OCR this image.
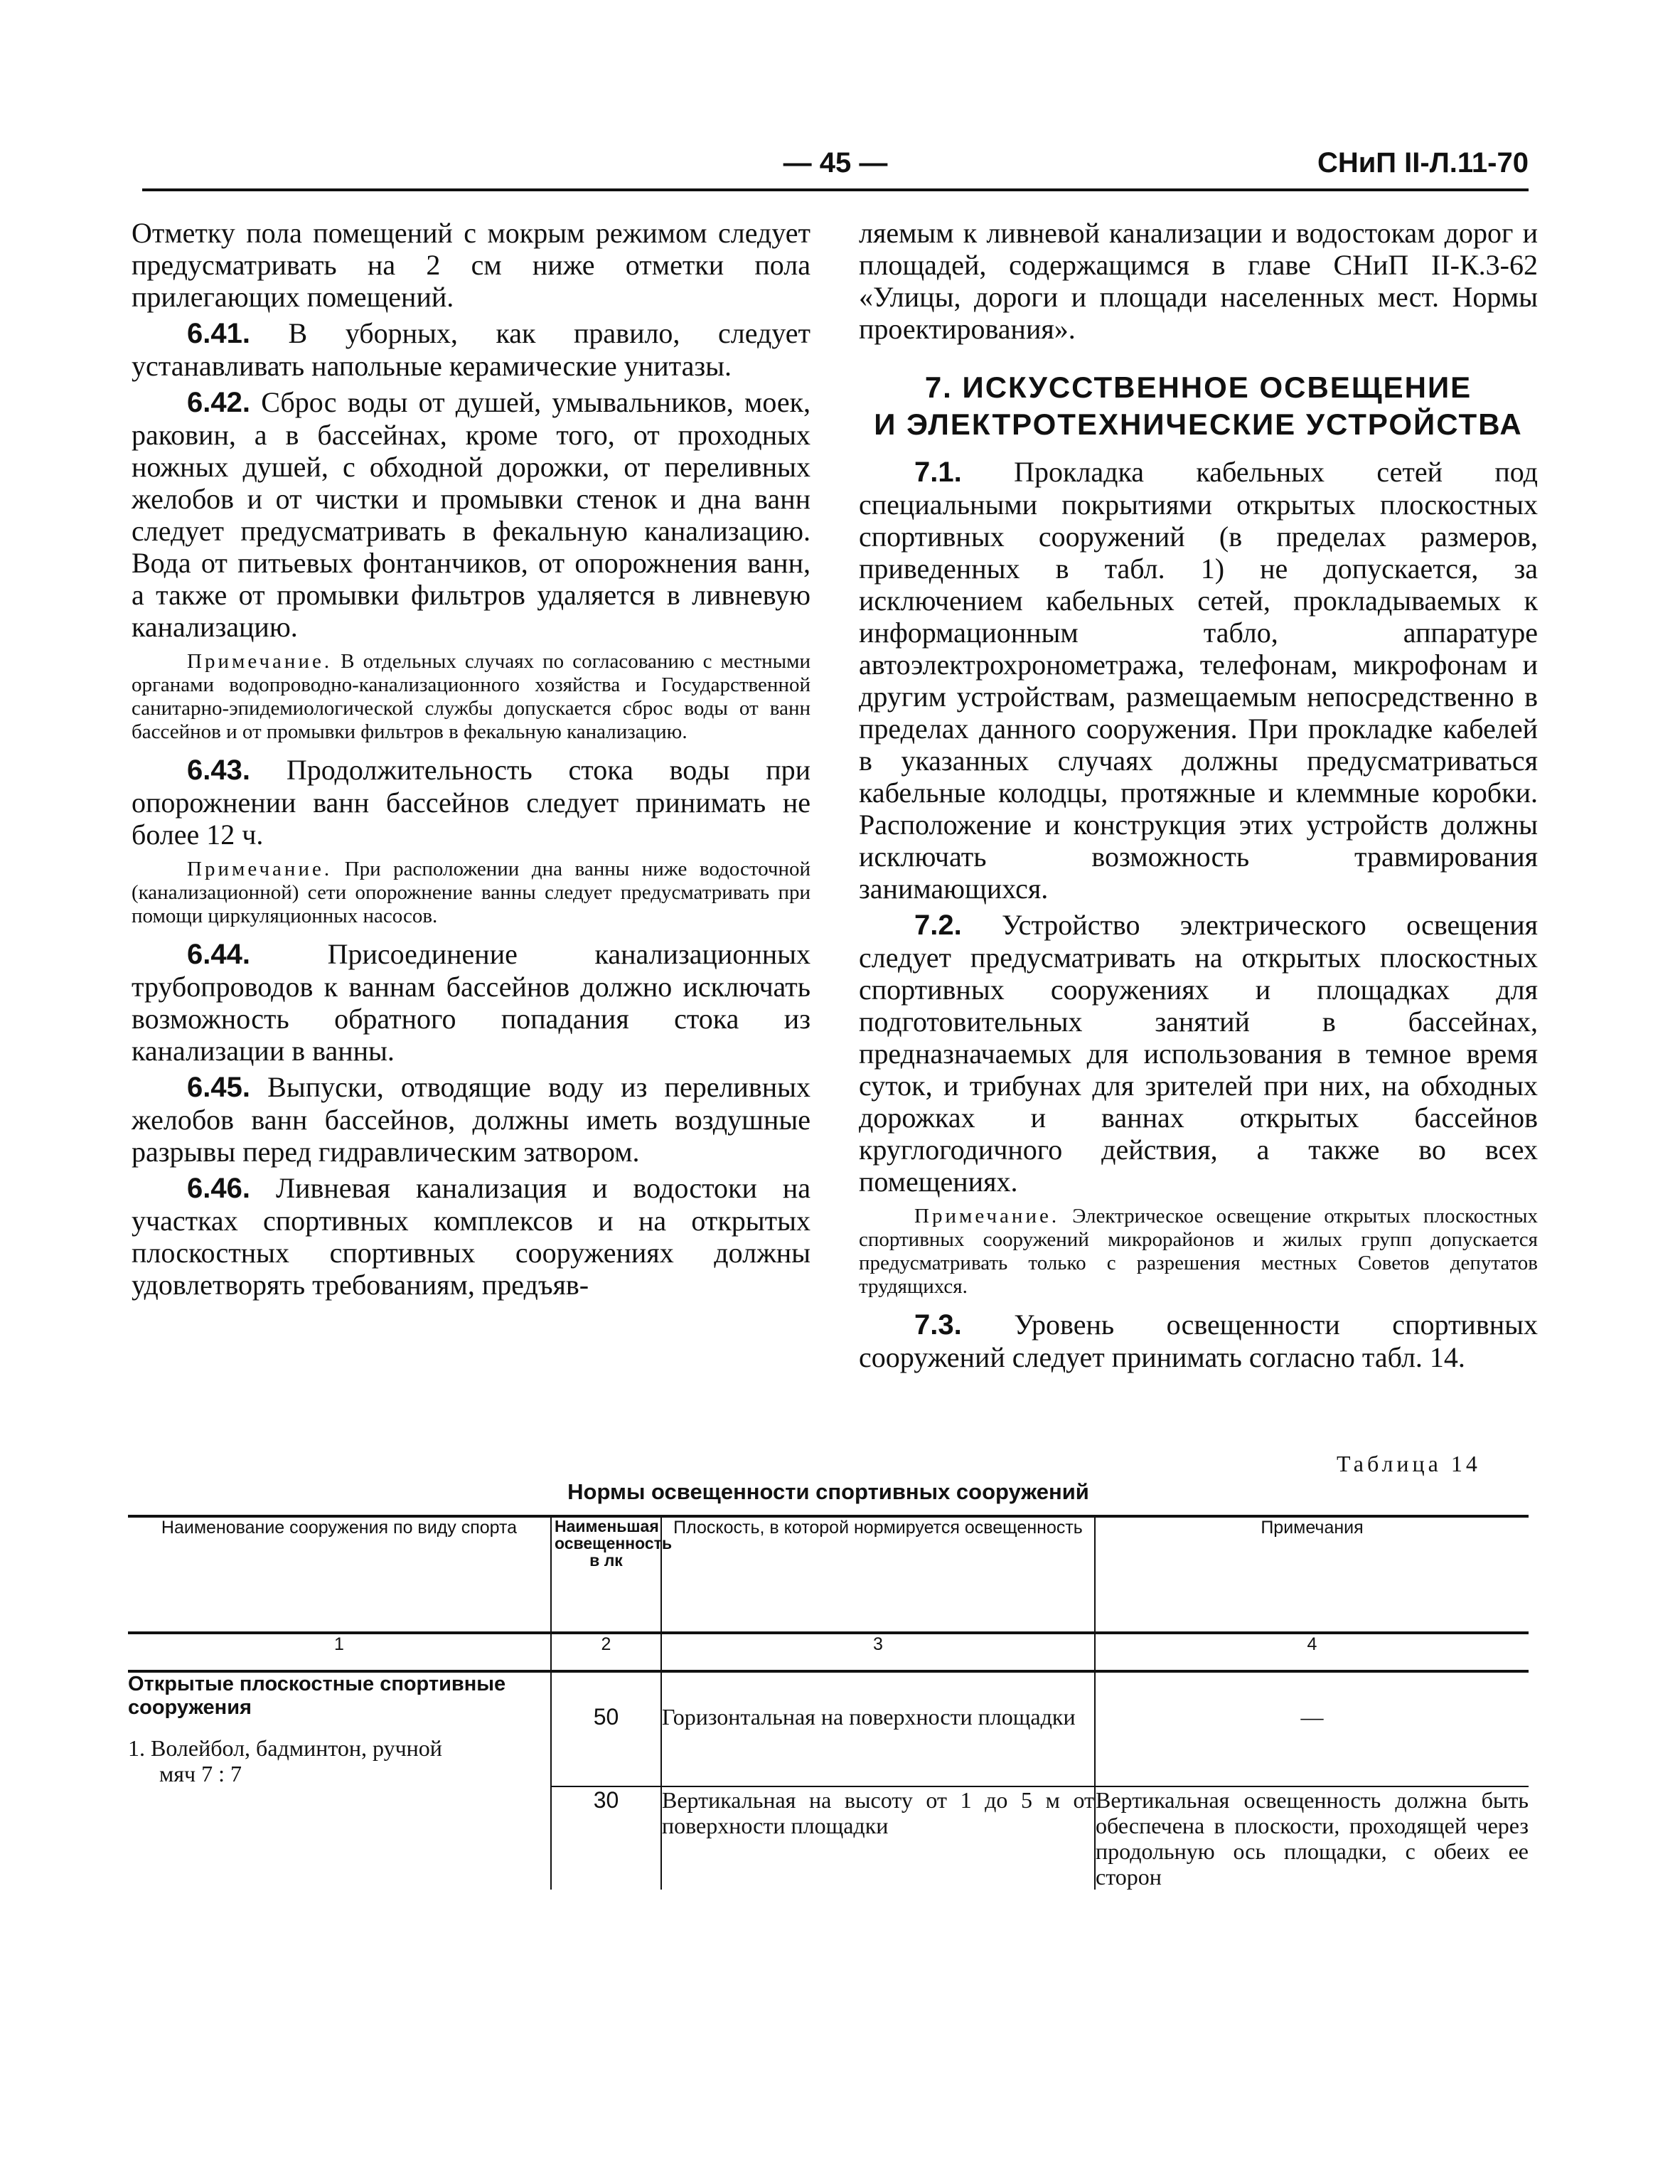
— 45 —	СНиП II-Л.11-70

Отметку пола помещений с мокрым режимом следует предусматривать на 2 см ниже отметки пола прилегающих помещений.

6.41. В уборных, как правило, следует устанавливать напольные керамические унитазы.

6.42. Сброс воды от душей, умывальников, моек, раковин, а в бассейнах, кроме того, от проходных ножных душей, с обходной дорожки, от переливных желобов и от чистки и промывки стенок и дна ванн следует предусматривать в фекальную канализацию. Вода от питьевых фонтанчиков, от опорожнения ванн, а также от промывки фильтров удаляется в ливневую канализацию.

Примечание. В отдельных случаях по согласованию с местными органами водопроводно-канализационного хозяйства и Государственной санитарно-эпидемиологической службы допускается сброс воды от ванн бассейнов и от промывки фильтров в фекальную канализацию.

6.43. Продолжительность стока воды при опорожнении ванн бассейнов следует принимать не более 12 ч.

Примечание. При расположении дна ванны ниже водосточной (канализационной) сети опорожнение ванны следует предусматривать при помощи циркуляционных насосов.

6.44.	Присоединение канализационных трубопроводов к ваннам бассейнов должно исключать возможность обратного попадания стока из канализации в ванны.

6.45. Выпуски, отводящие воду из переливных желобов ванн бассейнов, должны иметь воздушные разрывы перед гидравлическим затвором.

6.46. Ливневая канализация и водостоки на участках спортивных комплексов и на открытых плоскостных спортивных сооружениях должны удовлетворять требованиям, предъяв-

ляемым к ливневой канализации и водостокам дорог и площадей, содержащимся в главе СНиП II-К.3-62 «Улицы, дороги и площади населенных мест. Нормы проектирования».

7. ИСКУССТВЕННОЕ ОСВЕЩЕНИЕ
И ЭЛЕКТРОТЕХНИЧЕСКИЕ УСТРОЙСТВА

7.1. Прокладка кабельных сетей под специальными покрытиями открытых плоскостных спортивных сооружений (в пределах размеров, приведенных в табл. 1) не допускается, за исключением кабельных сетей, прокладываемых к информационным табло, аппаратуре автоэлектрохронометража, телефонам, микрофонам и другим устройствам, размещаемым непосредственно в пределах данного сооружения. При прокладке кабелей в указанных случаях должны предусматриваться кабельные колодцы, протяжные и клеммные коробки. Расположение и конструкция этих устройств должны исключать возможность травмирования занимающихся.

7.2. Устройство электрического освещения следует предусматривать на открытых плоскостных спортивных сооружениях и площадках для подготовительных занятий в бассейнах, предназначаемых для использования в темное время суток, и трибунах для зрителей при них, на обходных дорожках и ваннах открытых бассейнов круглогодичного действия, а также во всех помещениях.

Примечание. Электрическое освещение открытых плоскостных спортивных сооружений микрорайонов и жилых групп допускается предусматривать только с разрешения местных Советов депутатов трудящихся.

7.3. Уровень освещенности спортивных сооружений следует принимать согласно табл. 14.

Таблица 14
Нормы освещенности спортивных сооружений
Наименование сооружения по виду спорта	Наименьшая освещенность в лк	Плоскость, в которой нормируется освещенность	Примечания
1	2	3	4

Открытые плоскостные спортивные сооружения
1. Волейбол, бадминтон, ручной
мяч 7 : 7	50	Горизонтальная на поверхности площадки	—

	30	Вертикальная на высоту от 1 до 5 м от поверхности площадки	Вертикальная освещенность должна быть обеспечена в плоскости, проходящей через продольную ось площадки, с обеих ее сторон
